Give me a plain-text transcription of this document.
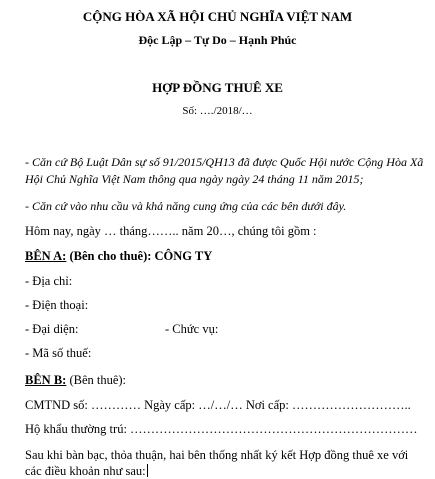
CỘNG HÒA XÃ HỘI CHỦ NGHĨA VIỆT NAM
Độc Lập – Tự Do – Hạnh Phúc
HỢP ĐỒNG THUÊ XE
Số: …./2018/…
- Căn cứ Bộ Luật Dân sự số 91/2015/QH13 đã được Quốc Hội nước Cộng Hòa Xã Hội Chủ Nghĩa Việt Nam thông qua ngày ngày 24 tháng 11 năm 2015;
- Căn cứ vào nhu cầu và khả năng cung ứng của các bên dưới đây.
Hôm nay, ngày … tháng…….. năm 20…, chúng tôi gồm :
BÊN A: (Bên cho thuê): CÔNG TY
- Địa chỉ:
- Điện thoại:
- Đại diện:	- Chức vụ:
- Mã số thuế:
BÊN B: (Bên thuê):
CMTND số: ………… Ngày cấp: …/…/… Nơi cấp: ………………………..
Hộ khẩu thường trú: ……………………………………………………………
Sau khi bàn bạc, thỏa thuận, hai bên thống nhất ký kết Hợp đồng thuê xe với các điều khoản như sau:
